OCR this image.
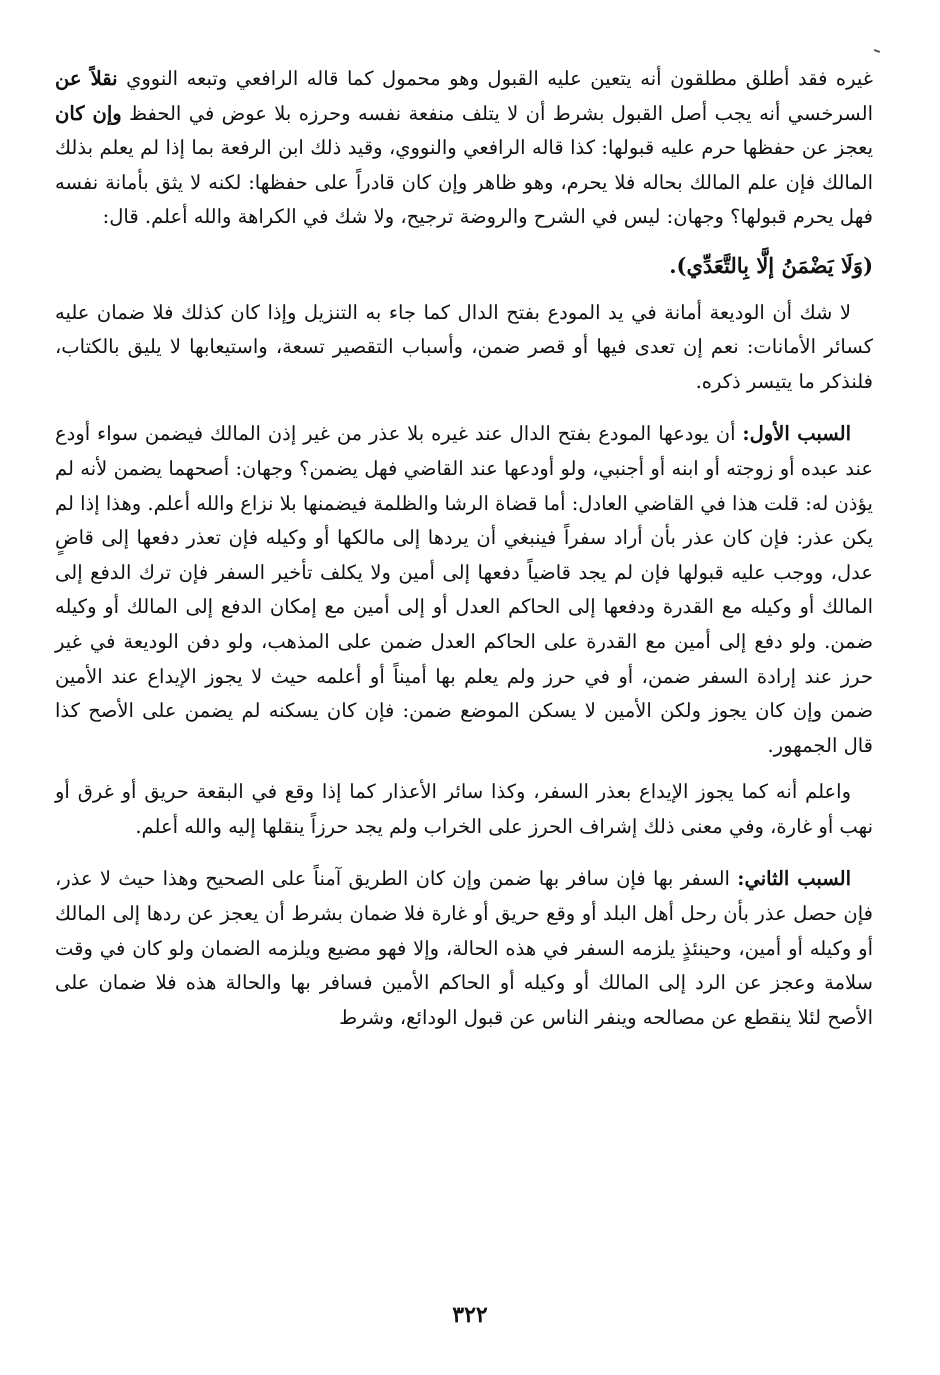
غيره فقد أطلق مطلقون أنه يتعين عليه القبول وهو محمول كما قاله الرافعي وتبعه النووي نقلاً عن السرخسي أنه يجب أصل القبول بشرط أن لا يتلف منفعة نفسه وحرزه بلا عوض في الحفظ وإن كان يعجز عن حفظها حرم عليه قبولها: كذا قاله الرافعي والنووي، وقيد ذلك ابن الرفعة بما إذا لم يعلم بذلك المالك فإن علم المالك بحاله فلا يحرم، وهو ظاهر وإن كان قادراً على حفظها: لكنه لا يثق بأمانة نفسه فهل يحرم قبولها؟ وجهان: ليس في الشرح والروضة ترجيح، ولا شك في الكراهة والله أعلم. قال:

(وَلَا يَضْمَنُ إلَّا بِالتَّعَدِّي).

لا شك أن الوديعة أمانة في يد المودع بفتح الدال كما جاء به التنزيل وإذا كان كذلك فلا ضمان عليه كسائر الأمانات: نعم إن تعدى فيها أو قصر ضمن، وأسباب التقصير تسعة، واستيعابها لا يليق بالكتاب، فلنذكر ما يتيسر ذكره.

السبب الأول: أن يودعها المودع بفتح الدال عند غيره بلا عذر من غير إذن المالك فيضمن سواء أودع عند عبده أو زوجته أو ابنه أو أجنبي، ولو أودعها عند القاضي فهل يضمن؟ وجهان: أصحهما يضمن لأنه لم يؤذن له: قلت هذا في القاضي العادل: أما قضاة الرشا والظلمة فيضمنها بلا نزاع والله أعلم. وهذا إذا لم يكن عذر: فإن كان عذر بأن أراد سفراً فينبغي أن يردها إلى مالكها أو وكيله فإن تعذر دفعها إلى قاضٍ عدل، ووجب عليه قبولها فإن لم يجد قاضياً دفعها إلى أمين ولا يكلف تأخير السفر فإن ترك الدفع إلى المالك أو وكيله مع القدرة ودفعها إلى الحاكم العدل أو إلى أمين مع إمكان الدفع إلى المالك أو وكيله ضمن. ولو دفع إلى أمين مع القدرة على الحاكم العدل ضمن على المذهب، ولو دفن الوديعة في غير حرز عند إرادة السفر ضمن، أو في حرز ولم يعلم بها أميناً أو أعلمه حيث لا يجوز الإيداع عند الأمين ضمن وإن كان يجوز ولكن الأمين لا يسكن الموضع ضمن: فإن كان يسكنه لم يضمن على الأصح كذا قال الجمهور.

واعلم أنه كما يجوز الإيداع بعذر السفر، وكذا سائر الأعذار كما إذا وقع في البقعة حريق أو غرق أو نهب أو غارة، وفي معنى ذلك إشراف الحرز على الخراب ولم يجد حرزاً ينقلها إليه والله أعلم.

السبب الثاني: السفر بها فإن سافر بها ضمن وإن كان الطريق آمناً على الصحيح وهذا حيث لا عذر، فإن حصل عذر بأن رحل أهل البلد أو وقع حريق أو غارة فلا ضمان بشرط أن يعجز عن ردها إلى المالك أو وكيله أو أمين، وحينئذٍ يلزمه السفر في هذه الحالة، وإلا فهو مضيع ويلزمه الضمان ولو كان في وقت سلامة وعجز عن الرد إلى المالك أو وكيله أو الحاكم الأمين فسافر بها والحالة هذه فلا ضمان على الأصح لئلا ينقطع عن مصالحه وينفر الناس عن قبول الودائع، وشرط

٣٢٢
